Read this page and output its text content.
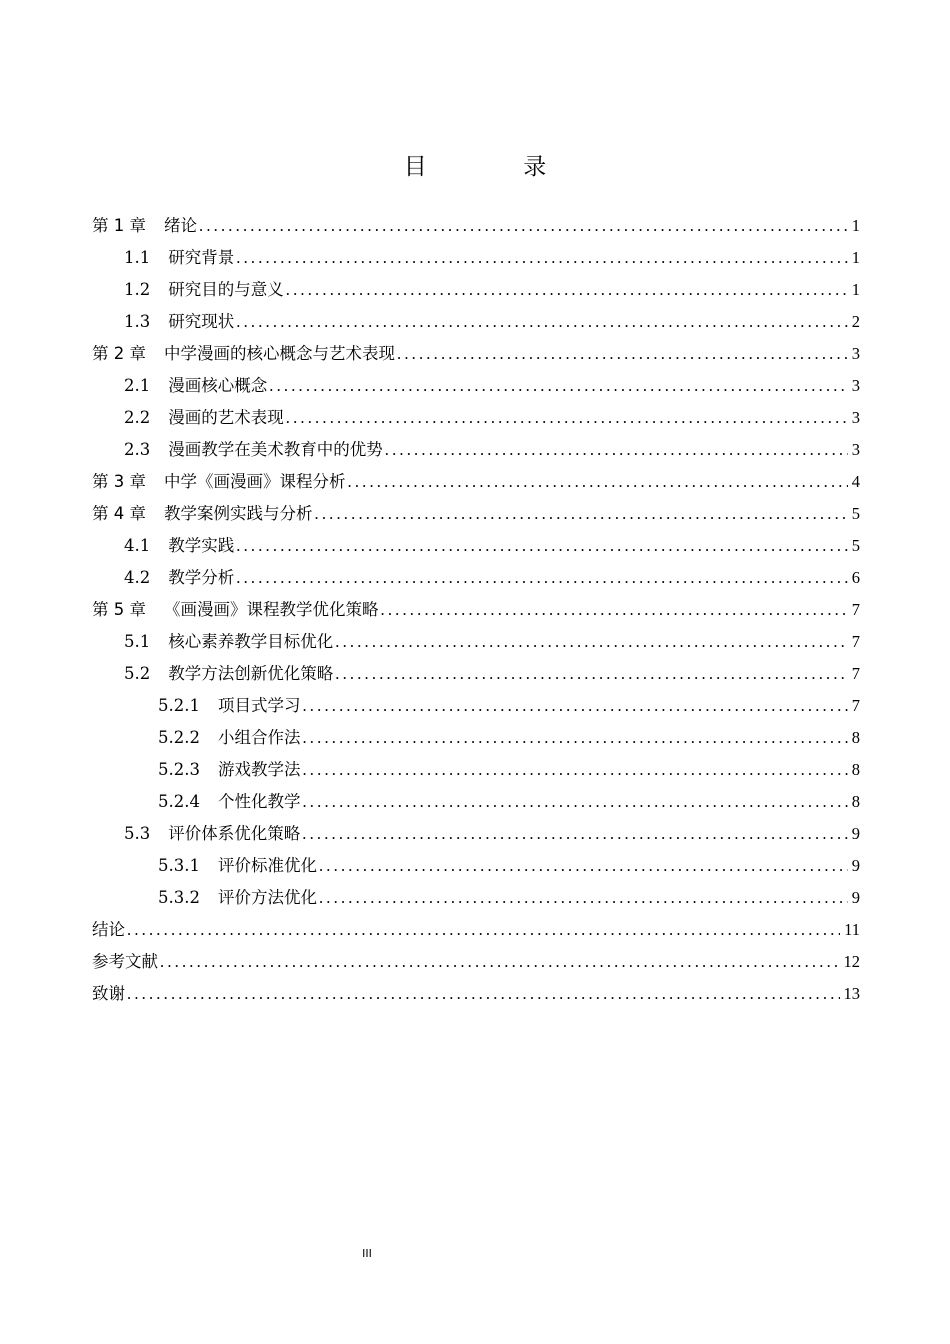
目　录
第 1 章 绪论 .....	1
1.1 研究背景 .....	1
1.2 研究目的与意义 .....	1
1.3 研究现状 .....	2
第 2 章 中学漫画的核心概念与艺术表现 .....	3
2.1 漫画核心概念 .....	3
2.2 漫画的艺术表现 .....	3
2.3 漫画教学在美术教育中的优势 .....	3
第 3 章 中学《画漫画》课程分析 .....	4
第 4 章 教学案例实践与分析 .....	5
4.1 教学实践 .....	5
4.2 教学分析 .....	6
第 5 章 《画漫画》课程教学优化策略 .....	7
5.1 核心素养教学目标优化 .....	7
5.2 教学方法创新优化策略 .....	7
5.2.1 项目式学习 .....	7
5.2.2 小组合作法 .....	8
5.2.3 游戏教学法 .....	8
5.2.4 个性化教学 .....	8
5.3 评价体系优化策略 .....	9
5.3.1 评价标准优化 .....	9
5.3.2 评价方法优化 .....	9
结论 .....	11
参考文献 .....	12
致谢 .....	13
III
